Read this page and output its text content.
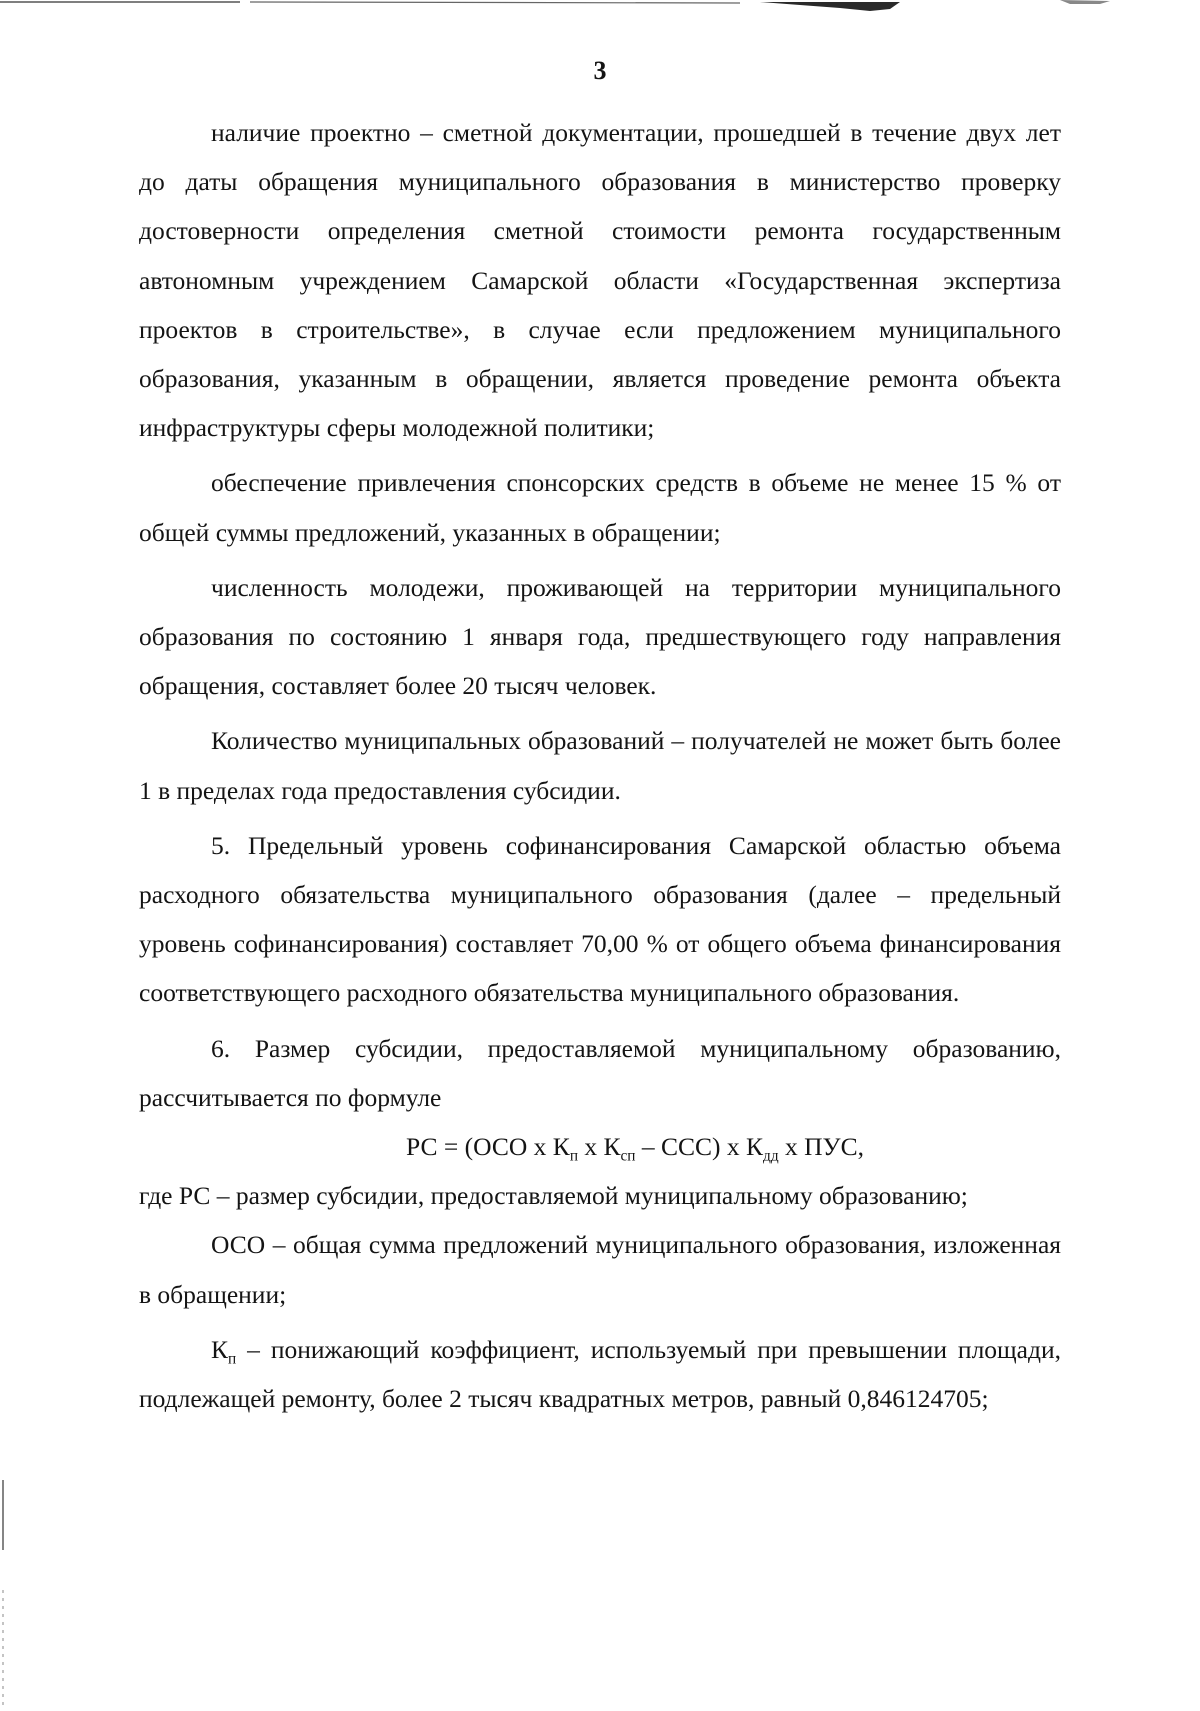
3

наличие проектно – сметной документации, прошедшей в течение двух лет до даты обращения муниципального образования в министерство проверку достоверности определения сметной стоимости ремонта государственным автономным учреждением Самарской области «Государственная экспертиза проектов в строительстве», в случае если предложением муниципального образования, указанным в обращении, является проведение ремонта объекта инфраструктуры сферы молодежной политики;

обеспечение привлечения спонсорских средств в объеме не менее 15 % от общей суммы предложений, указанных в обращении;

численность молодежи, проживающей на территории муниципального образования по состоянию 1 января года, предшествующего году направления обращения, составляет более 20 тысяч человек.

Количество муниципальных образований – получателей не может быть более 1 в пределах года предоставления субсидии.

5. Предельный уровень софинансирования Самарской областью объема расходного обязательства муниципального образования (далее – предельный уровень софинансирования) составляет 70,00 % от общего объема финансирования соответствующего расходного обязательства муниципального образования.

6. Размер субсидии, предоставляемой муниципальному образованию, рассчитывается по формуле

РС = (ОСО х $К_п$ х $К_{сп} - ССС$) х $К_{дд}$ х ПУС,

где РС – размер субсидии, предоставляемой муниципальному образованию;

ОСО – общая сумма предложений муниципального образования, изложенная в обращении;

$К_п$ – понижающий коэффициент, используемый при превышении площади, подлежащей ремонту, более 2 тысяч квадратных метров, равный 0,846124705;
